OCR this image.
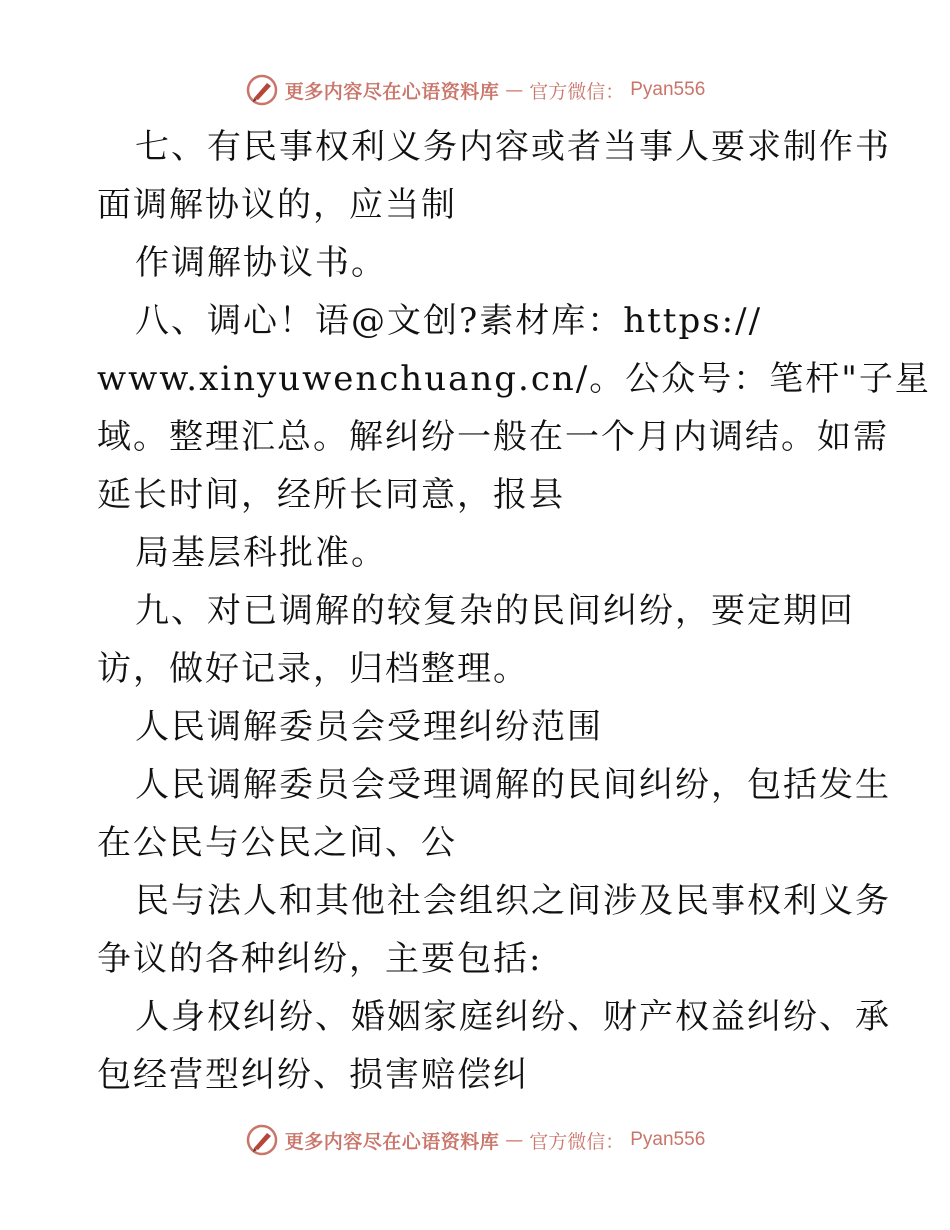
更多内容尽在心语资料库 — 官方微信： Pyan556
七、有民事权利义务内容或者当事人要求制作书
面调解协议的，应当制
作调解协议书。
八、调心！语@文创?素材库：https://
www.xinyuwenchuang.cn/。公众号：笔杆"子星
域。整理汇总。解纠纷一般在一个月内调结。如需
延长时间，经所长同意，报县
局基层科批准。
九、对已调解的较复杂的民间纠纷，要定期回
访，做好记录，归档整理。
人民调解委员会受理纠纷范围
人民调解委员会受理调解的民间纠纷，包括发生
在公民与公民之间、公
民与法人和其他社会组织之间涉及民事权利义务
争议的各种纠纷，主要包括:
人身权纠纷、婚姻家庭纠纷、财产权益纠纷、承
包经营型纠纷、损害赔偿纠
更多内容尽在心语资料库 — 官方微信： Pyan556
